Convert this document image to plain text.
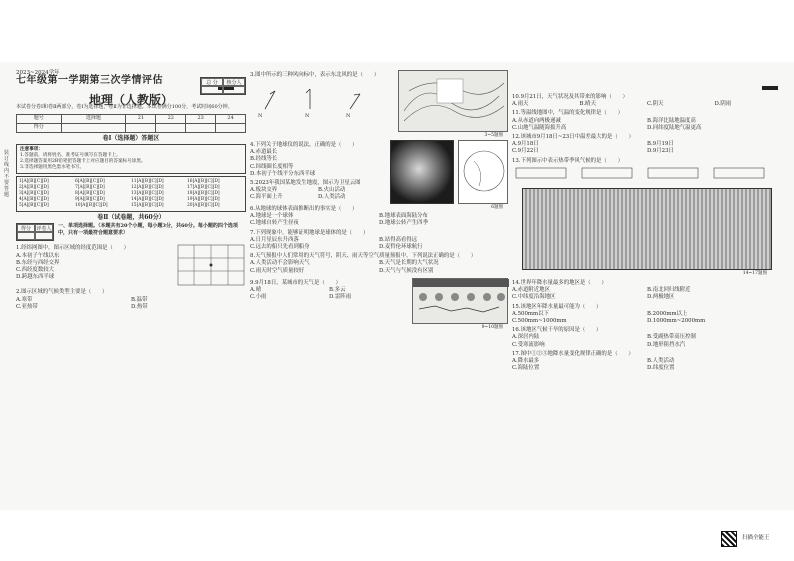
装
订
线
内
不
要
答
题
2023~2024学年
七年级第一学期第三次学情评估	总 分	核分人
地理（人教版）
本试卷分卷Ⅰ和卷Ⅱ两部分，卷Ⅰ为选择题，卷Ⅱ为非选择题。本试卷满分100分，考试时间60分钟。
题号	选择题	21	22	23	24
得分					
卷Ⅰ（选择题）答题区
注意事项：
1.答题前，请将姓名、准考证号填写在答题卡上。
2.选择题答案用2B铅笔把答题卡上对应题目的答案标号涂黑。
3.非选择题用黑色墨水笔书写。
1[A][B][C][D]	6[A][B][C][D]	11[A][B][C][D]	16[A][B][C][D]
2[A][B][C][D]	7[A][B][C][D]	12[A][B][C][D]	17[A][B][C][D]
3[A][B][C][D]	8[A][B][C][D]	13[A][B][C][D]	18[A][B][C][D]
4[A][B][C][D]	9[A][B][C][D]	14[A][B][C][D]	19[A][B][C][D]
5[A][B][C][D]	10[A][B][C][D]	15[A][B][C][D]	20[A][B][C][D]
卷Ⅱ（试卷题，共60分）
得分	评卷人	一、单项选择题。（本题共有20个小题，每小题3分，共60分。每小题的四个选项中，只有一项最符合题意要求）
1.经纬网图中，图示区域的经度范围是（　　）
A.本初子午线以东
B.东经与西经交界
C.西经度数较大
D.跨越东西半球
2.图示区域的气候类型主要是（　　）
A.寒带	B.温带
C.亚热带	D.热带
3.图中所示的三种风向标中，表示东北风的是（　　）
N	N	N
3~5题图
4.下列关于地球仪的说法，正确的是（　　）
A.赤道最长
B.经线等长
C.纬线圈长度相等
D.本初子午线平分东西半球
5.2023年我国某地发生地震，图示为卫星云图
A.板块交界	B.火山活动
C.海平面上升	D.人类活动
6题图
6.从地球的球体表面推断出的事实是（　　）
A.地球是一个球体	B.地球表面海陆分布
C.地球自转产生昼夜	D.地球公转产生四季
7.下列现象中，能够证明地球是球体的是（　　）
A.日月星辰东升西落	B.站得高看得远
C.远去的船只先看到船身	D.麦哲伦环球航行
8.天气预报中人们常用的天气符号，阴天、雨天等空气质量预报中，下列说法正确的是（　　）
A.人类活动不会影响天气	B.天气是长期的大气状况
C.雨天时空气质量较好	D.天气与气候没有区别
9.9月18日，某城市的天气是（　　）
A.晴	B.多云
C.小雨	D.雷阵雨
9~10题图
10.9月21日，天气状况及其带来的影响（　　）
A.雨天	B.晴天	C.阴天	D.阴雨
11.等温线地图中，气温的变化规律是（　　）
A.从赤道向两极递减	B.海洋比陆地温度高
C.山地气温随海拔升高	D.同纬度陆地气温更高
12.该城市9月18日~23日中温差最大的是（　　）
A.9月18日	B.9月19日
C.9月22日	D.9月23日
13.下列图示中表示热带季风气候的是（　　）
14~17题图
14.世界年降水量最多的地区是（　　）
A.赤道附近地区	B.南北回归线附近
C.中纬度沿海地区	D.两极地区
15.该地区年降水量最可能为（　　）
A.500mm以下	B.2000mm以上
C.500mm~1000mm	D.1000mm~2000mm
16.该地区气候干旱的原因是（　　）
A.深居内陆	B.受副热带高压控制
C.受寒流影响	D.地形阻挡水汽
17.图中①②③地降水量变化规律正确的是（　　）
A.降水最多	B.人类活动
C.海陆位置	D.纬度位置
扫描全能王
